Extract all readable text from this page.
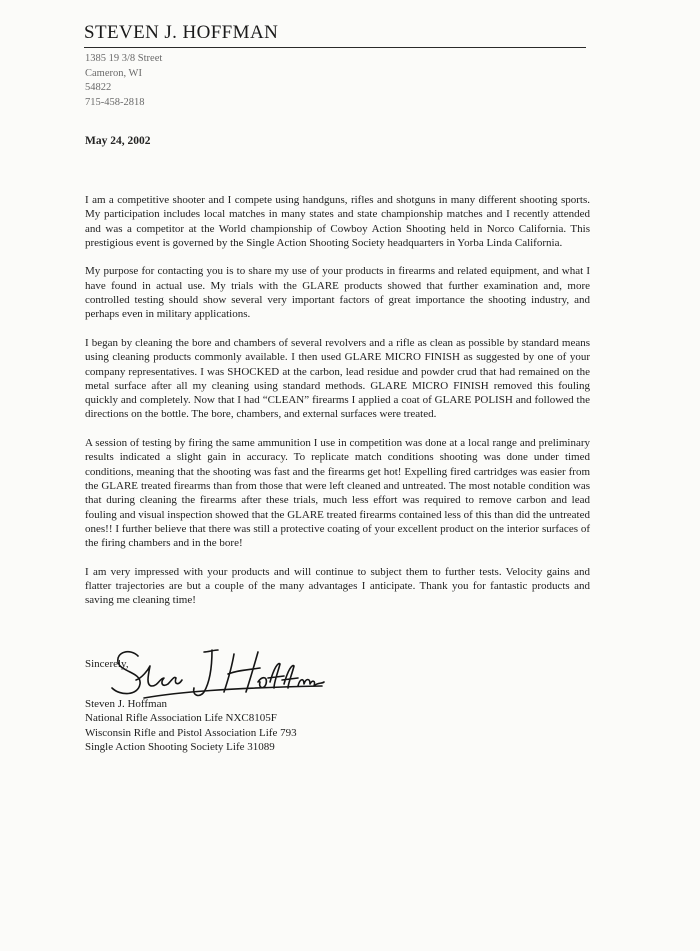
STEVEN J. HOFFMAN
1385 19 3/8 Street
Cameron, WI
54822
715-458-2818
May 24, 2002

I am a competitive shooter and I compete using handguns, rifles and shotguns in many different shooting sports. My participation includes local matches in many states and state championship matches and I recently attended and was a competitor at the World championship of Cowboy Action Shooting held in Norco California. This prestigious event is governed by the Single Action Shooting Society headquarters in Yorba Linda California.

My purpose for contacting you is to share my use of your products in firearms and related equipment, and what I have found in actual use. My trials with the GLARE products showed that further examination and, more controlled testing should show several very important factors of great importance the shooting industry, and perhaps even in military applications.

I began by cleaning the bore and chambers of several revolvers and a rifle as clean as possible by standard means using cleaning products commonly available. I then used GLARE MICRO FINISH as suggested by one of your company representatives. I was SHOCKED at the carbon, lead residue and powder crud that had remained on the metal surface after all my cleaning using standard methods. GLARE MICRO FINISH removed this fouling quickly and completely. Now that I had “CLEAN” firearms I applied a coat of GLARE POLISH and followed the directions on the bottle. The bore, chambers, and external surfaces were treated.

A session of testing by firing the same ammunition I use in competition was done at a local range and preliminary results indicated a slight gain in accuracy. To replicate match conditions shooting was done under timed conditions, meaning that the shooting was fast and the firearms get hot! Expelling fired cartridges was easier from the GLARE treated firearms than from those that were left cleaned and untreated. The most notable condition was that during cleaning the firearms after these trials, much less effort was required to remove carbon and lead fouling and visual inspection showed that the GLARE treated firearms contained less of this than did the untreated ones!! I further believe that there was still a protective coating of your excellent product on the interior surfaces of the firing chambers and in the bore!

I am very impressed with your products and will continue to subject them to further tests. Velocity gains and flatter trajectories are but a couple of the many advantages I anticipate. Thank you for fantastic products and saving me cleaning time!

Sincerely,
Steven J. Hoffman
National Rifle Association Life NXC8105F
Wisconsin Rifle and Pistol Association Life 793
Single Action Shooting Society Life 31089
